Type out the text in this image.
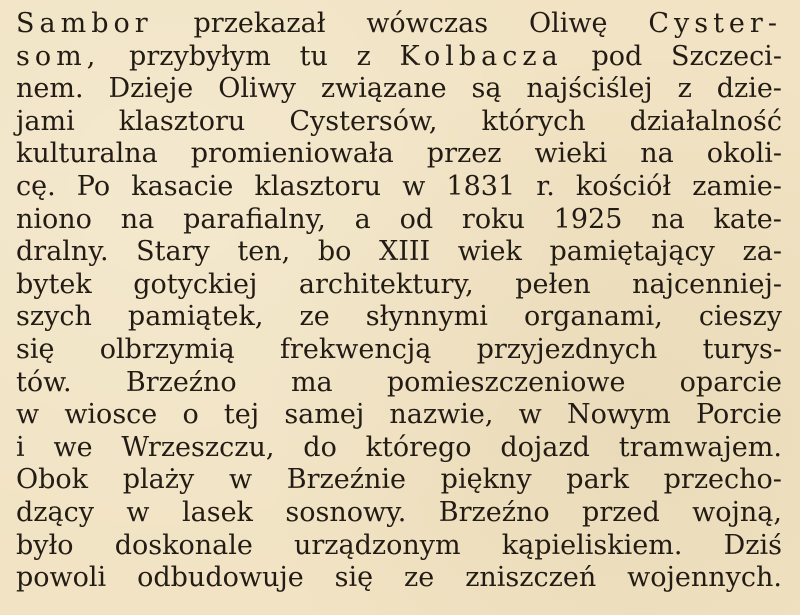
Sambor przekazał wówczas Oliwę Cyster-
som, przybyłym tu z Kolbacza pod Szczeci-
nem. Dzieje Oliwy związane są najściślej z dzie-
jami klasztoru Cystersów, których działalność
kulturalna promieniowała przez wieki na okoli-
cę. Po kasacie klasztoru w 1831 r. kościół zamie-
niono na parafialny, a od roku 1925 na kate-
dralny. Stary ten, bo XIII wiek pamiętający za-
bytek gotyckiej architektury, pełen najcenniej-
szych pamiątek, ze słynnymi organami, cieszy
się olbrzymią frekwencją przyjezdnych turys-
tów. Brzeźno ma pomieszczeniowe oparcie
w wiosce o tej samej nazwie, w Nowym Porcie
i we Wrzeszczu, do którego dojazd tramwajem.
Obok plaży w Brzeźnie piękny park przecho-
dzący w lasek sosnowy. Brzeźno przed wojną,
było doskonale urządzonym kąpieliskiem. Dziś
powoli odbudowuje się ze zniszczeń wojennych.
